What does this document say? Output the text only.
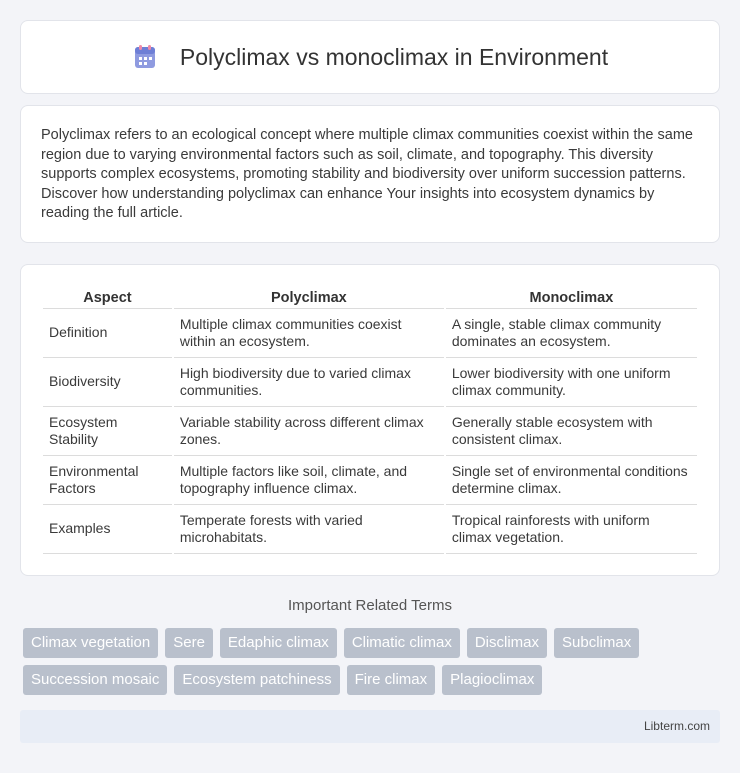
Polyclimax vs monoclimax in Environment

Polyclimax refers to an ecological concept where multiple climax communities coexist within the same region due to varying environmental factors such as soil, climate, and topography. This diversity supports complex ecosystems, promoting stability and biodiversity over uniform succession patterns. Discover how understanding polyclimax can enhance Your insights into ecosystem dynamics by reading the full article.

Aspect	Polyclimax	Monoclimax
Definition	Multiple climax communities coexist within an ecosystem.	A single, stable climax community dominates an ecosystem.
Biodiversity	High biodiversity due to varied climax communities.	Lower biodiversity with one uniform climax community.
Ecosystem Stability	Variable stability across different climax zones.	Generally stable ecosystem with consistent climax.
Environmental Factors	Multiple factors like soil, climate, and topography influence climax.	Single set of environmental conditions determine climax.
Examples	Temperate forests with varied microhabitats.	Tropical rainforests with uniform climax vegetation.
Important Related Terms
Climax vegetation	Sere	Edaphic climax	Climatic climax	Disclimax	Subclimax
Succession mosaic	Ecosystem patchiness	Fire climax	Plagioclimax
Libterm.com
